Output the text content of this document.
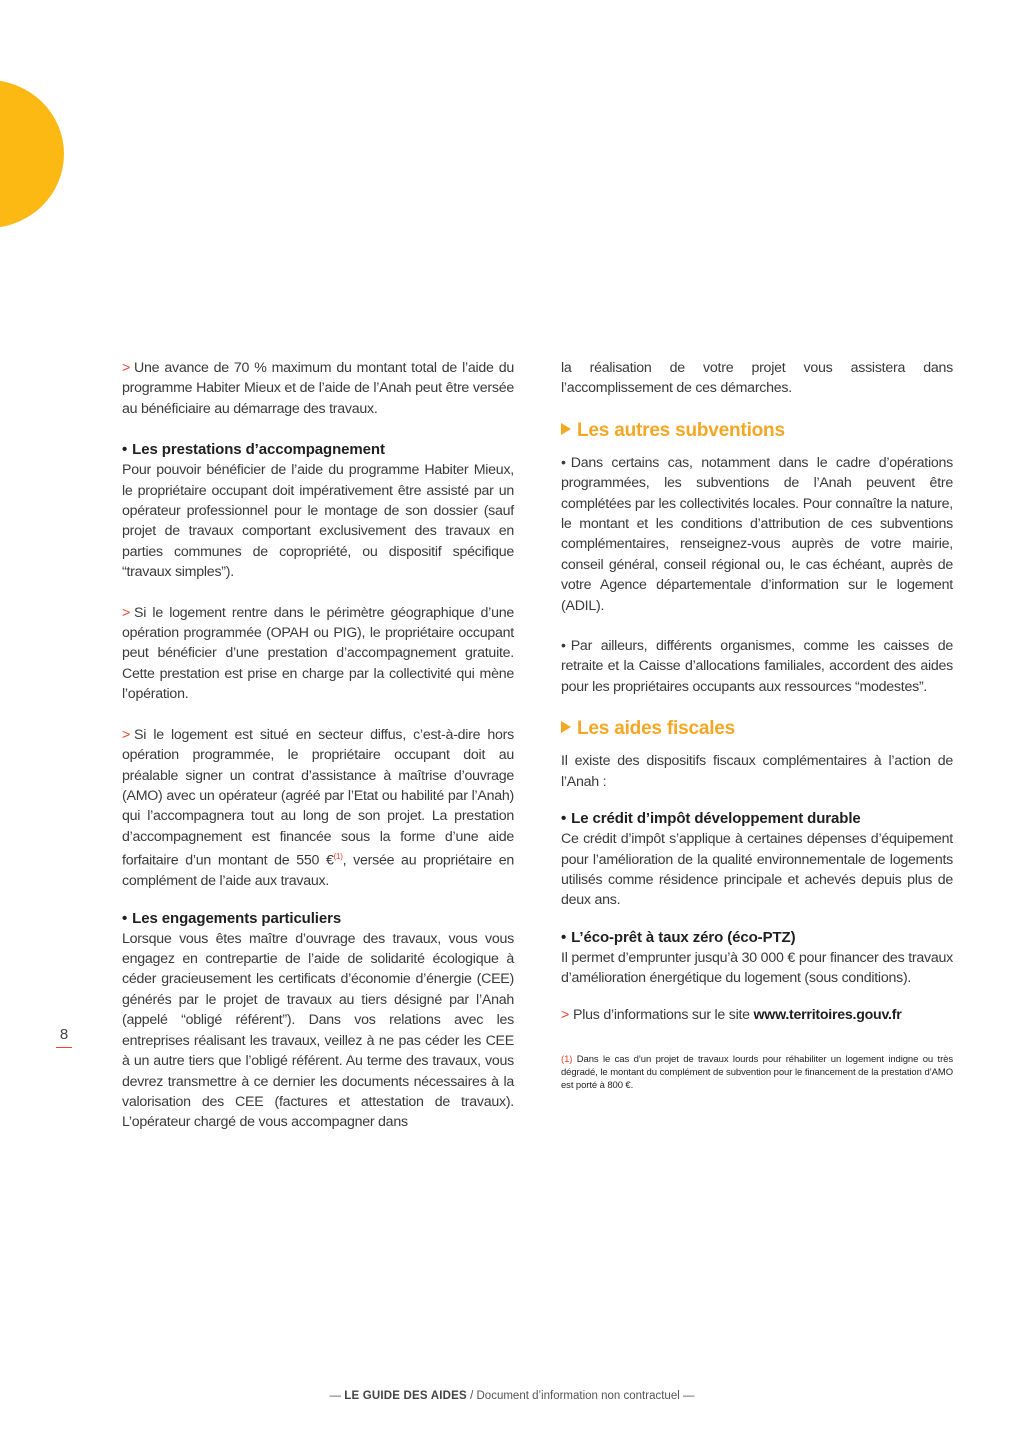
> Une avance de 70 % maximum du montant total de l’aide du programme Habiter Mieux et de l’aide de l’Anah peut être versée au bénéficiaire au démarrage des travaux.

• Les prestations d’accompagnement

Pour pouvoir bénéficier de l’aide du programme Habiter Mieux, le propriétaire occupant doit impérativement être assisté par un opérateur professionnel pour le montage de son dossier (sauf projet de travaux comportant exclusivement des travaux en parties communes de copropriété, ou dispositif spécifique “travaux simples”).

> Si le logement rentre dans le périmètre géographique d’une opération programmée (OPAH ou PIG), le propriétaire occupant peut bénéficier d’une prestation d’accompagnement gratuite. Cette prestation est prise en charge par la collectivité qui mène l’opération.

> Si le logement est situé en secteur diffus, c’est-à-dire hors opération programmée, le propriétaire occupant doit au préalable signer un contrat d’assistance à maîtrise d’ouvrage (AMO) avec un opérateur (agréé par l’Etat ou habilité par l’Anah) qui l’accompagnera tout au long de son projet. La prestation d’accompagnement est financée sous la forme d’une aide forfaitaire d’un montant de 550 €$^{(1)}$, versée au propriétaire en complément de l’aide aux travaux.

• Les engagements particuliers

Lorsque vous êtes maître d’ouvrage des travaux, vous vous engagez en contrepartie de l’aide de solidarité écologique à céder gracieusement les certificats d’économie d’énergie (CEE) générés par le projet de travaux au tiers désigné par l’Anah (appelé “obligé référent”). Dans vos relations avec les entreprises réalisant les travaux, veillez à ne pas céder les CEE à un autre tiers que l’obligé référent. Au terme des travaux, vous devrez transmettre à ce dernier les documents nécessaires à la valorisation des CEE (factures et attestation de travaux). L’opérateur chargé de vous accompagner dans

la réalisation de votre projet vous assistera dans l’accomplissement de ces démarches.

Les autres subventions

• Dans certains cas, notamment dans le cadre d’opérations programmées, les subventions de l’Anah peuvent être complétées par les collectivités locales. Pour connaître la nature, le montant et les conditions d’attribution de ces subventions complémentaires, renseignez-vous auprès de votre mairie, conseil général, conseil régional ou, le cas échéant, auprès de votre Agence départementale d’information sur le logement (ADIL).

• Par ailleurs, différents organismes, comme les caisses de retraite et la Caisse d’allocations familiales, accordent des aides pour les propriétaires occupants aux ressources “modestes”.

Les aides fiscales

Il existe des dispositifs fiscaux complémentaires à l’action de l’Anah :

• Le crédit d’impôt développement durable

Ce crédit d’impôt s’applique à certaines dépenses d’équipement pour l’amélioration de la qualité environnementale de logements utilisés comme résidence principale et achevés depuis plus de deux ans.

• L’éco-prêt à taux zéro (éco-PTZ)

Il permet d’emprunter jusqu’à 30 000 € pour financer des travaux d’amélioration énergétique du logement (sous conditions).

> Plus d’informations sur le site www.territoires.gouv.fr

(1) Dans le cas d’un projet de travaux lourds pour réhabiliter un logement indigne ou très dégradé, le montant du complément de subvention pour le financement de la prestation d’AMO est porté à 800 €.

8
— LE GUIDE DES AIDES / Document d’information non contractuel —
